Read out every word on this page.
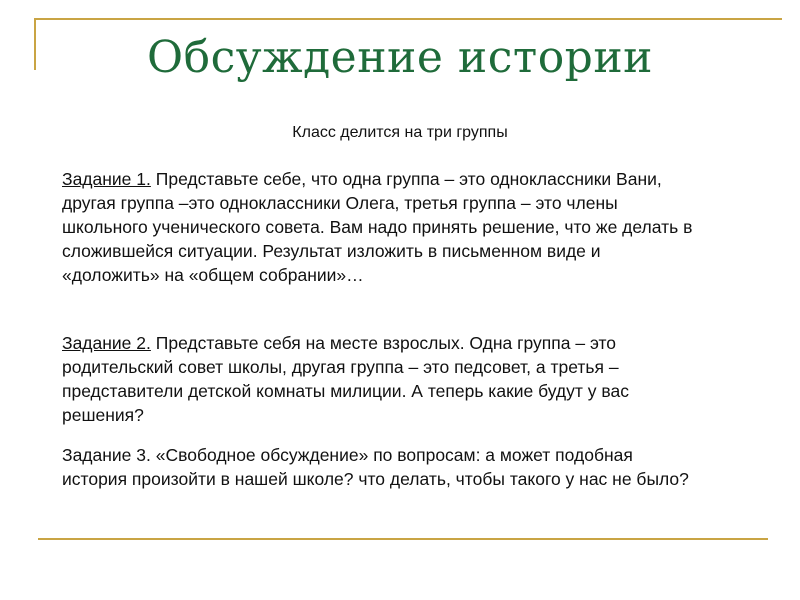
Обсуждение истории
Класс делится на три группы
Задание 1. Представьте себе, что одна группа – это одноклассники Вани, другая группа –это одноклассники Олега, третья группа – это члены школьного ученического совета. Вам надо принять решение, что же делать в сложившейся ситуации. Результат изложить в письменном виде и «доложить» на «общем собрании»…
Задание 2. Представьте себя на месте взрослых. Одна группа – это родительский совет школы, другая группа – это педсовет, а третья –представители детской комнаты милиции. А теперь какие будут у вас решения?
Задание 3. «Свободное обсуждение» по вопросам: а может подобная история произойти в нашей школе? что делать, чтобы такого у нас не было?
